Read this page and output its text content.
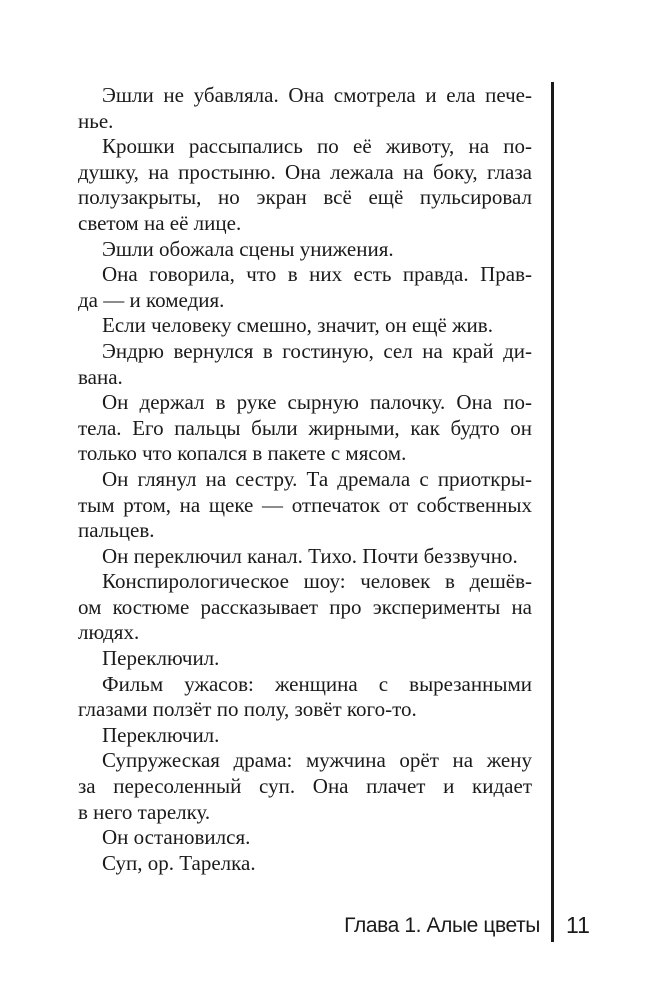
Эшли не убавляла. Она смотрела и ела пече-
нье.
Крошки рассыпались по её животу, на по-
душку, на простыню. Она лежала на боку, глаза
полузакрыты, но экран всё ещё пульсировал
светом на её лице.
Эшли обожала сцены унижения.
Она говорила, что в них есть правда. Прав-
да — и комедия.
Если человеку смешно, значит, он ещё жив.
Эндрю вернулся в гостиную, сел на край ди-
вана.
Он держал в руке сырную палочку. Она по-
тела. Его пальцы были жирными, как будто он
только что копался в пакете с мясом.
Он глянул на сестру. Та дремала с приоткры-
тым ртом, на щеке — отпечаток от собственных
пальцев.
Он переключил канал. Тихо. Почти беззвучно.
Конспирологическое шоу: человек в дешёв-
ом костюме рассказывает про эксперименты на
людях.
Переключил.
Фильм ужасов: женщина с вырезанными
глазами ползёт по полу, зовёт кого-то.
Переключил.
Супружеская драма: мужчина орёт на жену
за пересоленный суп. Она плачет и кидает
в него тарелку.
Он остановился.
Суп, ор. Тарелка.
Глава 1. Алые цветы 11
